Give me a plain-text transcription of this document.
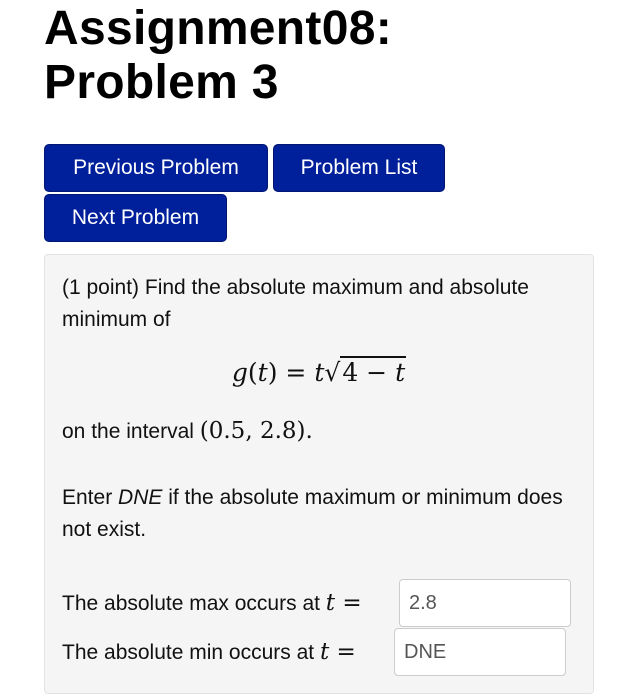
Assignment08:
Problem 3
Previous Problem	Problem List
Next Problem
(1 point) Find the absolute maximum and absolute minimum of
g(t) = t√4 − t
on the interval (0.5, 2.8).
Enter DNE if the absolute maximum or minimum does not exist.
The absolute max occurs at t =
2.8
The absolute min occurs at t =
DNE
